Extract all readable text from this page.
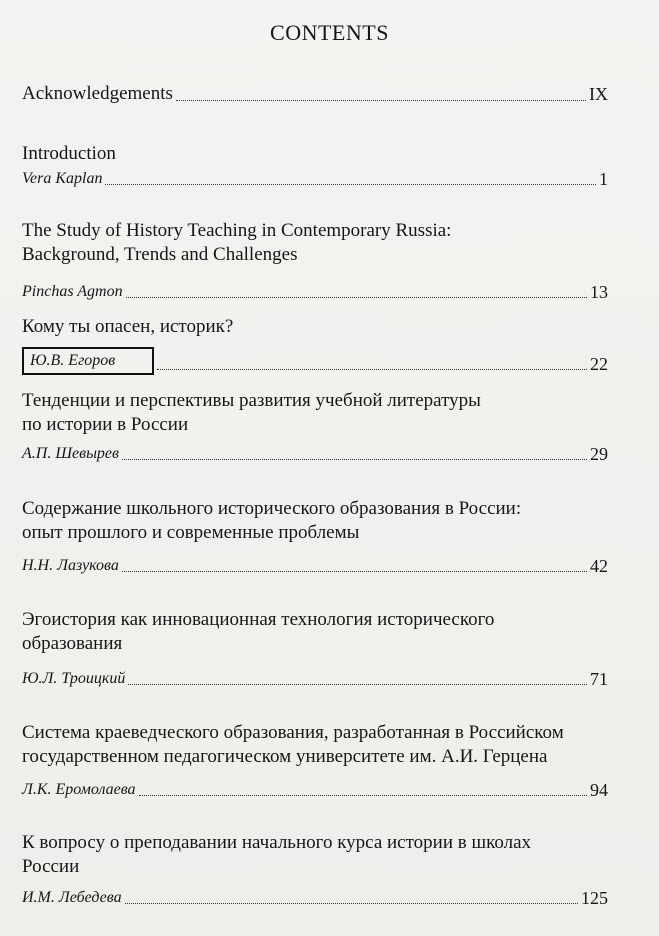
CONTENTS
Acknowledgements	IX
Introduction
Vera Kaplan	1
The Study of History Teaching in Contemporary Russia:
Background, Trends and Challenges
Pinchas Agmon	13
Кому ты опасен, историк?
Ю.В. Егоров	22
Тенденции и перспективы развития учебной литературы
по истории в России
А.П. Шевырев	29
Содержание школьного исторического образования в России:
опыт прошлого и современные проблемы
Н.Н. Лазукова	42
Эгоистория как инновационная технология исторического
образования
Ю.Л. Троицкий	71
Система краеведческого образования, разработанная в Российском
государственном педагогическом университете им. А.И. Герцена
Л.К. Еромолаева	94
К вопросу о преподавании начального курса истории в школах
России
И.М. Лебедева	125
